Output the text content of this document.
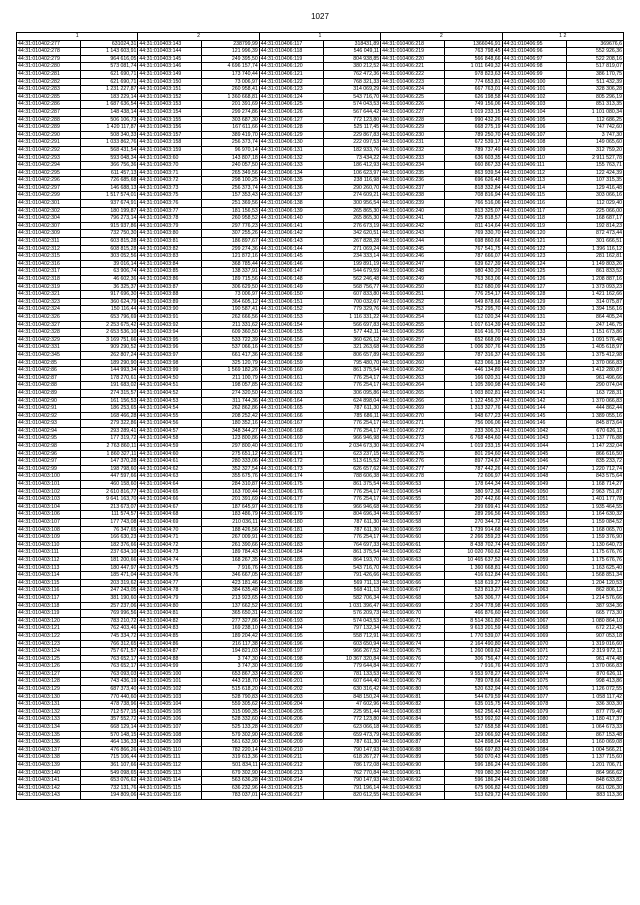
1027
1		2		1		2		1 2	
44:31:010402:277	631024,31	44:31:010403:143	238799,99	44:31:010406:117	318431,89	44:31:010406:218	1366046,91	44:31:010406:95	369676,6
44:31:010402:278	1 143 603,91	44:31:010403:144	121 996,39	44:31:010406:118	546 049,11	44:31:010406:219	763 798,45	44:31:010406:96	552 926,36
44:31:010402:279	964 616,05	44:31:010403:145	249 395,50	44:31:010406:119	804 938,85	44:31:010406:220	566 848,66	44:31:010406:97	522 208,16
44:31:010402:280	573 081,74	44:31:010403:146	4 696 157,74	44:31:010406:120	380 212,52	44:31:010406:221	1 011 649,32	44:31:010406:98	517 819,07
44:31:010402:281	621 690,71	44:31:010403:149	173 740,44	44:31:010406:121	762 472,36	44:31:010406:222	978 823,63	44:31:010406:99	386 170,75
44:31:010402:282	621 690,71	44:31:010403:150	73 006,97	44:31:010406:122	768 321,33	44:31:010406:223	774 653,81	44:31:010406:100	511 432,39
44:31:010402:283	1 231 227,87	44:31:010403:151	260 958,41	44:31:010406:123	314 069,29	44:31:010406:224	667 763,01	44:31:010406:101	328 306,28
44:31:010402:285	183 229,14	44:31:010403:152	1 360 668,81	44:31:010406:124	543 716,70	44:31:010406:225	626 198,58	44:31:010406:102	805 296,19
44:31:010402:286	1 687 636,54	44:31:010403:153	201 391,69	44:31:010406:125	574 043,53	44:31:010406:226	749 156,06	44:31:010406:103	851 313,35
44:31:010402:287	148 438,14	44:31:010403:154	299 274,86	44:31:010406:126	567 644,42	44:31:010406:227	1 019 233,15	44:31:010406:104	1 101 080,34
44:31:010402:288	506 106,73	44:31:010403:155	303 687,30	44:31:010406:127	772 123,80	44:31:010406:228	990 432,26	44:31:010406:105	112 686,25
44:31:010402:289	1 420 117,87	44:31:010403:156	167 611,66	44:31:010406:128	525 117,45	44:31:010406:229	668 275,19	44:31:010406:106	747 742,60
44:31:010402:290	508 340,33	44:31:010403:157	389 419,70	44:31:010406:129	229 867,83	44:31:010406:230	789 250,70	44:31:010406:107	3 747,30
44:31:010402:291	1 033 862,76	44:31:010403:158	256 373,74	44:31:010406:130	222 097,53	44:31:010406:231	672 539,17	44:31:010406:108	149 065,60
44:31:010402:292	568 431,54	44:31:010403:159	96 970,14	44:31:010406:131	182 933,76	44:31:010406:232	789 737,49	44:31:010406:109	312 759,20
44:31:010402:293	593 048,34	44:31:010403:60	143 807,18	44:31:010406:132	73 434,22	44:31:010406:233	636 603,35	44:31:010406:110	2 911 527,78
44:31:010402:294	366 756,36	44:31:010403:70	240 057,50	44:31:010406:133	186 412,93	44:31:010406:234	660 867,33	44:31:010406:111	155 763,71
44:31:010402:295	611 457,13	44:31:010403:71	265 349,56	44:31:010406:134	106 623,97	44:31:010406:235	863 939,54	44:31:010406:112	122 424,39
44:31:010402:296	726 685,68	44:31:010403:72	298 100,25	44:31:010406:135	238 116,98	44:31:010406:236	696 626,48	44:31:010406:113	107 315,35
44:31:010402:297	146 688,13	44:31:010403:73	256 373,74	44:31:010406:136	290 260,70	44:31:010406:237	818 332,84	44:31:010406:114	129 416,48
44:31:010402:299	1 517 574,01	44:31:010403:75	157 353,43	44:31:010406:137	274 609,21	44:31:010406:238	708 816,94	44:31:010406:115	303 066,16
44:31:010402:301	937 674,91	44:31:010403:76	251 369,56	44:31:010406:138	300 956,54	44:31:010406:239	766 516,06	44:31:010406:116	112 029,40
44:31:010402:302	180 199,87	44:31:010403:77	181 156,53	44:31:010406:139	265 865,30	44:31:010406:240	813 325,07	44:31:010406:117	225 066,00
44:31:010402:304	796 273,14	44:31:010403:78	260 958,52	44:31:010406:140	265 865,30	44:31:010406:241	725 818,57	44:31:010406:118	168 687,17
44:31:010402:307	915 937,86	44:31:010403:79	297 776,23	44:31:010406:141	276 673,19	44:31:010406:242	811 414,64	44:31:010406:119	192 814,23
44:31:010402:309	732 750,30	44:31:010403:80	307 255,26	44:31:010406:142	342 620,51	44:31:010406:243	769 330,70	44:31:010406:120	872 473,44
44:31:010402:311	603 815,28	44:31:010403:81	186 897,67	44:31:010406:143	267 828,28	44:31:010406:244	698 860,66	44:31:010406:121	301 666,51
44:31:010402:312	608 815,28	44:31:010403:82	299 274,36	44:31:010406:144	271 069,24	44:31:010406:245	767 541,75	44:31:010406:122	1 396 116,12
44:31:010402:315	303 052,56	44:31:010403:83	121 872,16	44:31:010406:145	234 333,14	44:31:010406:246	787 666,07	44:31:010406:123	281 162,81
44:31:010402:316	39 016,14	44:31:010403:84	368 785,44	44:31:010406:146	199 891,19	44:31:010406:247	639 627,39	44:31:010406:124	1 149 803,26
44:31:010402:317	63 906,74	44:31:010403:85	138 337,91	44:31:010406:147	544 679,59	44:31:010406:248	980 430,20	44:31:010406:125	861 833,52
44:31:010402:318	46 602,36	44:31:010403:86	189 715,56	44:31:010406:148	562 246,48	44:31:010406:249	763 363,06	44:31:010406:126	1 208 887,16
44:31:010402:319	36 325,37	44:31:010403:87	306 629,50	44:31:010406:149	568 756,77	44:31:010406:250	812 680,09	44:31:010406:127	1 373 093,23
44:31:010402:321	917 696,30	44:31:010403:88	73 006,97	44:31:010406:150	607 833,80	44:31:010406:251	776 254,17	44:31:010406:128	1 421 162,66
44:31:010402:323	360 624,79	44:31:010403:89	364 605,12	44:31:010406:151	700 032,67	44:31:010406:252	649 878,66	44:31:010406:129	314 075,87
44:31:010402:324	150 116,44	44:31:010403:90	190 587,41	44:31:010406:152	779 329,76	44:31:010406:253	752 295,70	44:31:010406:130	1 394 156,16
44:31:010402:326	653 796,69	44:31:010403:91	262 666,56	44:31:010406:153	1 116 331,22	44:31:010406:254	612 020,34	44:31:010406:131	864 405,24
44:31:010402:327	2 253 675,42	44:31:010403:92	211 331,62	44:31:010406:154	566 697,83	44:31:010406:255	1 017 614,39	44:31:010406:132	247 146,75
44:31:010402:328	2 653 536,10	44:31:010403:94	609 360,50	44:31:010406:155	577 442,11	44:31:010406:256	816 416,70	44:31:010406:133	1 151 673,86
44:31:010402:329	3 169 751,66	44:31:010403:95	533 722,39	44:31:010406:156	360 626,12	44:31:010406:257	652 668,09	44:31:010406:134	1 091 576,48
44:31:010402:331	909 290,52	44:31:010403:96	537 066,16	44:31:010406:157	321 263,68	44:31:010406:258	1 006 307,76	44:31:010406:135	1 405 618,97
44:31:010402:345	262 807,24	44:31:010403:97	661 417,36	44:31:010406:158	806 657,89	44:31:010406:259	787 316,37	44:31:010406:136	1 375 412,98
44:31:010402:85	189 290,90	44:31:010403:98	325 120,79	44:31:010406:159	795 480,70	44:31:010406:260	623 066,18	44:31:010406:137	1 370 066,83
44:31:010402:86	144 993,34	44:31:010403:99	1 569 182,26	44:31:010406:160	861 375,54	44:31:010406:262	446 134,89	44:31:010406:138	1 412 280,87
44:31:010402:87	178 270,61	44:31:010404:50	211 100,79	44:31:010406:161	776 254,17	44:31:010406:263	166 020,31	44:31:010406:139	961 496,66
44:31:010402:88	191 683,02	44:31:010404:51	198 057,85	44:31:010406:162	776 254,17	44:31:010406:264	1 105 390,98	44:31:010406:140	290 074,04
44:31:010402:89	274 315,57	44:31:010404:52	274 320,50	44:31:010406:163	306 095,86	44:31:010406:265	1 003 802,81	44:31:010406:141	163 728,31
44:31:010402:90	161 156,53	44:31:010404:53	311 744,36	44:31:010406:164	624 898,04	44:31:010406:266	1 122 456,37	44:31:010406:142	1 370 066,83
44:31:010402:91	186 253,65	44:31:010404:54	262 862,86	44:31:010406:165	787 611,30	44:31:010406:269	1 313 327,76	44:31:010406:144	444 862,44
44:31:010402:92	168 466,28	44:31:010404:55	208 252,42	44:31:010406:166	785 686,11	44:31:010406:270	948 677,23	44:31:010406:145	1 389 055,16
44:31:010402:93	279 322,86	44:31:010404:56	180 352,16	44:31:010406:167	776 254,17	44:31:010406:271	756 006,06	44:31:010406:146	845 873,64
44:31:010402:94	293 289,41	44:31:010404:57	348 344,27	44:31:010406:168	776 254,17	44:31:010406:272	233 306,31	44:31:010406:1042	670 626,11
44:31:010402:95	177 319,72	44:31:010404:58	123 800,86	44:31:010406:169	966 946,98	44:31:010406:273	6 768 484,60	44:31:010406:1043	1 137 776,88
44:31:010402:98	2 763 860,11	44:31:010404:59	297 800,40	44:31:010406:170	2 034 673,30	44:31:010406:274	1 019 233,15	44:31:010406:1044	1 147 232,04
44:31:010402:96	1 860 327,11	44:31:010404:60	275 651,12	44:31:010406:171	623 237,15	44:31:010406:275	801 294,60	44:31:010406:1045	866 616,50
44:31:010402:97	147 370,28	44:31:010404:61	280 333,06	44:31:010406:172	513 615,52	44:31:010406:276	897 724,67	44:31:010406:1046	835 233,72
44:31:010402:99	198 798,60	44:31:010404:62	352 327,54	44:31:010406:173	626 657,62	44:31:010406:277	787 442,26	44:31:010406:1047	1 220 712,74
44:31:010403:100	447 597,66	44:31:010404:63	355 675,76	44:31:010406:174	788 606,38	44:31:010406:278	72 606,97	44:31:010406:1048	843 575,64
44:31:010403:101	460 158,60	44:31:010404:64	284 310,87	44:31:010406:175	861 375,54	44:31:010406:53	178 644,34	44:31:010406:1049	1 168 714,27
44:31:010403:102	2 610 816,77	44:31:010404:65	163 700,44	44:31:010406:176	776 254,17	44:31:010406:54	380 972,36	44:31:010406:1050	2 963 751,87
44:31:010403:103	9 641 163,70	44:31:010404:66	201 391,69	44:31:010406:177	776 254,17	44:31:010406:55	207 442,66	44:31:010406:1051	1 401 177,78
44:31:010403:104	213 673,07	44:31:010404:67	187 645,97	44:31:010406:178	966 946,68	44:31:010406:56	299 699,41	44:31:010406:1052	1 935 464,55
44:31:010403:106	111 574,57	44:31:010404:68	183 486,79	44:31:010406:179	804 696,34	44:31:010406:57	289 296,56	44:31:010406:1053	1 164 630,32
44:31:010403:107	177 743,08	44:31:010404:69	210 036,11	44:31:010406:180	787 611,30	44:31:010406:58	270 344,72	44:31:010406:1054	1 159 084,52
44:31:010403:108	76 347,65	44:31:010404:70	188 426,56	44:31:010406:181	787 611,30	44:31:010406:59	1 739 914,68	44:31:010406:1055	1 168 065,70
44:31:010403:109	166 630,23	44:31:010404:71	267 009,91	44:31:010406:182	776 254,17	44:31:010406:60	2 266 359,23	44:31:010406:1056	1 159 376,90
44:31:010403:110	182 376,66	44:31:010404:72	261 390,66	44:31:010406:183	764 697,33	44:31:010406:61	8 438 702,74	44:31:010406:1057	1 130 640,73
44:31:010403:111	237 634,10	44:31:010404:73	189 784,43	44:31:010406:184	861 375,54	44:31:010406:62	10 020 760,62	44:31:010406:1058	1 175 676,76
44:31:010403:112	181 200,66	44:31:010404:74	168 267,35	44:31:010406:185	864 193,70	44:31:010406:63	10 465 637,52	44:31:010406:1059	1 175 676,76
44:31:010403:113	180 447,97	44:31:010404:75	7 916,76	44:31:010406:186	543 716,70	44:31:010406:64	1 360 668,81	44:31:010406:1060	1 163 625,40
44:31:010403:114	185 471,04	44:31:010404:76	346 667,05	44:31:010406:187	791 426,66	44:31:010406:65	416 612,84	44:31:010406:1061	1 568 851,34
44:31:010403:115	203 319,62	44:31:010404:77	423 181,46	44:31:010406:188	569 711,13	44:31:010406:66	518 619,27	44:31:010406:1062	1 204 120,53
44:31:010403:116	247 243,05	44:31:010404:78	384 635,48	44:31:010406:189	568 411,13	44:31:010406:67	523 813,27	44:31:010406:1063	862 806,12
44:31:010403:117	381 190,60	44:31:010404:79	213 923,65	44:31:010406:190	582 706,34	44:31:010406:68	526 306,77	44:31:010406:1064	1 214 576,66
44:31:010403:118	257 237,06	44:31:010404:80	137 662,52	44:31:010406:191	1 031 396,47	44:31:010406:69	2 304 778,98	44:31:010406:1065	387 934,36
44:31:010403:119	769 996,56	44:31:010404:81	365 650,31	44:31:010406:192	576 209,73	44:31:010406:70	466 876,60	44:31:010406:1066	665 773,30
44:31:010403:120	783 210,72	44:31:010404:82	277 327,86	44:31:010406:193	574 043,53	44:31:010406:71	8 514 361,80	44:31:010406:1067	1 080 864,10
44:31:010403:121	762 403,46	44:31:010404:83	169 238,10	44:31:010406:194	797 132,34	44:31:010406:72	9 613 201,59	44:31:010406:1068	672 212,43
44:31:010403:122	745 334,72	44:31:010404:85	189 204,42	44:31:010406:195	558 712,91	44:31:010406:73	1 770 539,07	44:31:010406:1069	907 053,18
44:31:010403:123	766 312,65	44:31:010404:86	216 117,38	44:31:010406:196	603 650,94	44:31:010406:74	2 164 490,80	44:31:010406:1070	1 319 016,60
44:31:010403:124	757 671,57	44:31:010404:87	194 821,03	44:31:010406:197	966 267,52	44:31:010406:75	1 260 069,62	44:31:010406:1071	2 319 972,11
44:31:010403:125	763 652,17	44:31:010404:88	3 747,30	44:31:010406:198	10 367 320,84	44:31:010406:76	306 756,47	44:31:010406:1072	961 474,48
44:31:010403:126	763 652,17	44:31:010404:99	3 747,30	44:31:010406:199	779 644,84	44:31:010406:77	7 916,76	44:31:010406:1073	1 370 066,83
44:31:010403:127	763 093,03	44:31:010405:100	653 867,33	44:31:010406:200	781 133,53	44:31:010406:78	9 553 978,27	44:31:010406:1074	870 626,11
44:31:010403:128	743 436,19	44:31:010405:101	443 218,70	44:31:010406:201	607 644,40	44:31:010406:79	789 078,66	44:31:010406:1075	998 413,86
44:31:010403:129	687 373,40	44:31:010405:102	515 618,20	44:31:010406:202	630 316,42	44:31:010406:80	520 632,94	44:31:010406:1076	1 126 072,55
44:31:010403:130	770 440,60	44:31:010405:103	528 790,83	44:31:010406:203	848 150,24	44:31:010406:81	544 679,59	44:31:010406:1077	1 058 117,42
44:31:010403:131	478 738,96	44:31:010405:104	559 305,62	44:31:010406:204	47 602,96	44:31:010406:82	635 015,75	44:31:010406:1078	336 303,30
44:31:010403:132	712 577,15	44:31:010405:105	315 090,35	44:31:010406:205	225 951,44	44:31:010406:83	562 256,43	44:31:010406:1079	877 779,40
44:31:010403:133	357 552,72	44:31:010405:106	528 332,60	44:31:010406:206	772 123,80	44:31:010406:84	553 992,92	44:31:010406:1080	1 180 417,37
44:31:010403:134	668 129,14	44:31:010405:107	525 133,28	44:31:010406:207	623 066,18	44:31:010406:85	527 658,58	44:31:010406:1081	1 064 673,33
44:31:010403:135	570 148,15	44:31:010405:108	579 302,90	44:31:010406:208	659 473,79	44:31:010406:86	329 066,92	44:31:010406:1082	867 153,48
44:31:010403:136	464 136,33	44:31:010405:109	561 632,90	44:31:010406:209	787 611,30	44:31:010406:87	624 898,04	44:31:010406:1083	1 160 069,08
44:31:010403:137	476 866,26	44:31:010405:110	782 220,14	44:31:010406:210	790 147,93	44:31:010406:88	566 697,83	44:31:010406:1084	1 004 566,21
44:31:010403:138	715 106,44	44:31:010405:111	319 613,36	44:31:010406:211	618 267,27	44:31:010406:89	560 070,43	44:31:010406:1085	1 137 715,60
44:31:010403:139	361 107,66	44:31:010405:112	501 834,11	44:31:010406:212	786 172,08	44:31:010406:90	596 186,24	44:31:010406:1086	1 201 706,71
44:31:010403:140	549 098,65	44:31:010405:113	679 302,90	44:31:010406:213	762 770,84	44:31:010406:91	769 080,30	44:31:010406:1087	864 966,62
44:31:010403:141	653 076,62	44:31:010405:114	563 636,28	44:31:010406:214	790 147,93	44:31:010406:92	596 186,24	44:31:010406:1088	848 633,82
44:31:010403:142	732 131,76	44:31:010405:115	636 232,96	44:31:010406:215	791 196,14	44:31:010406:93	675 906,82	44:31:010406:1089	661 026,30
44:31:010403:143	194 809,06	44:31:010405:116	783 037,01	44:31:010406:217	820 612,55	44:31:010406:94	513 629,72	44:31:010406:1090	883 113,36
